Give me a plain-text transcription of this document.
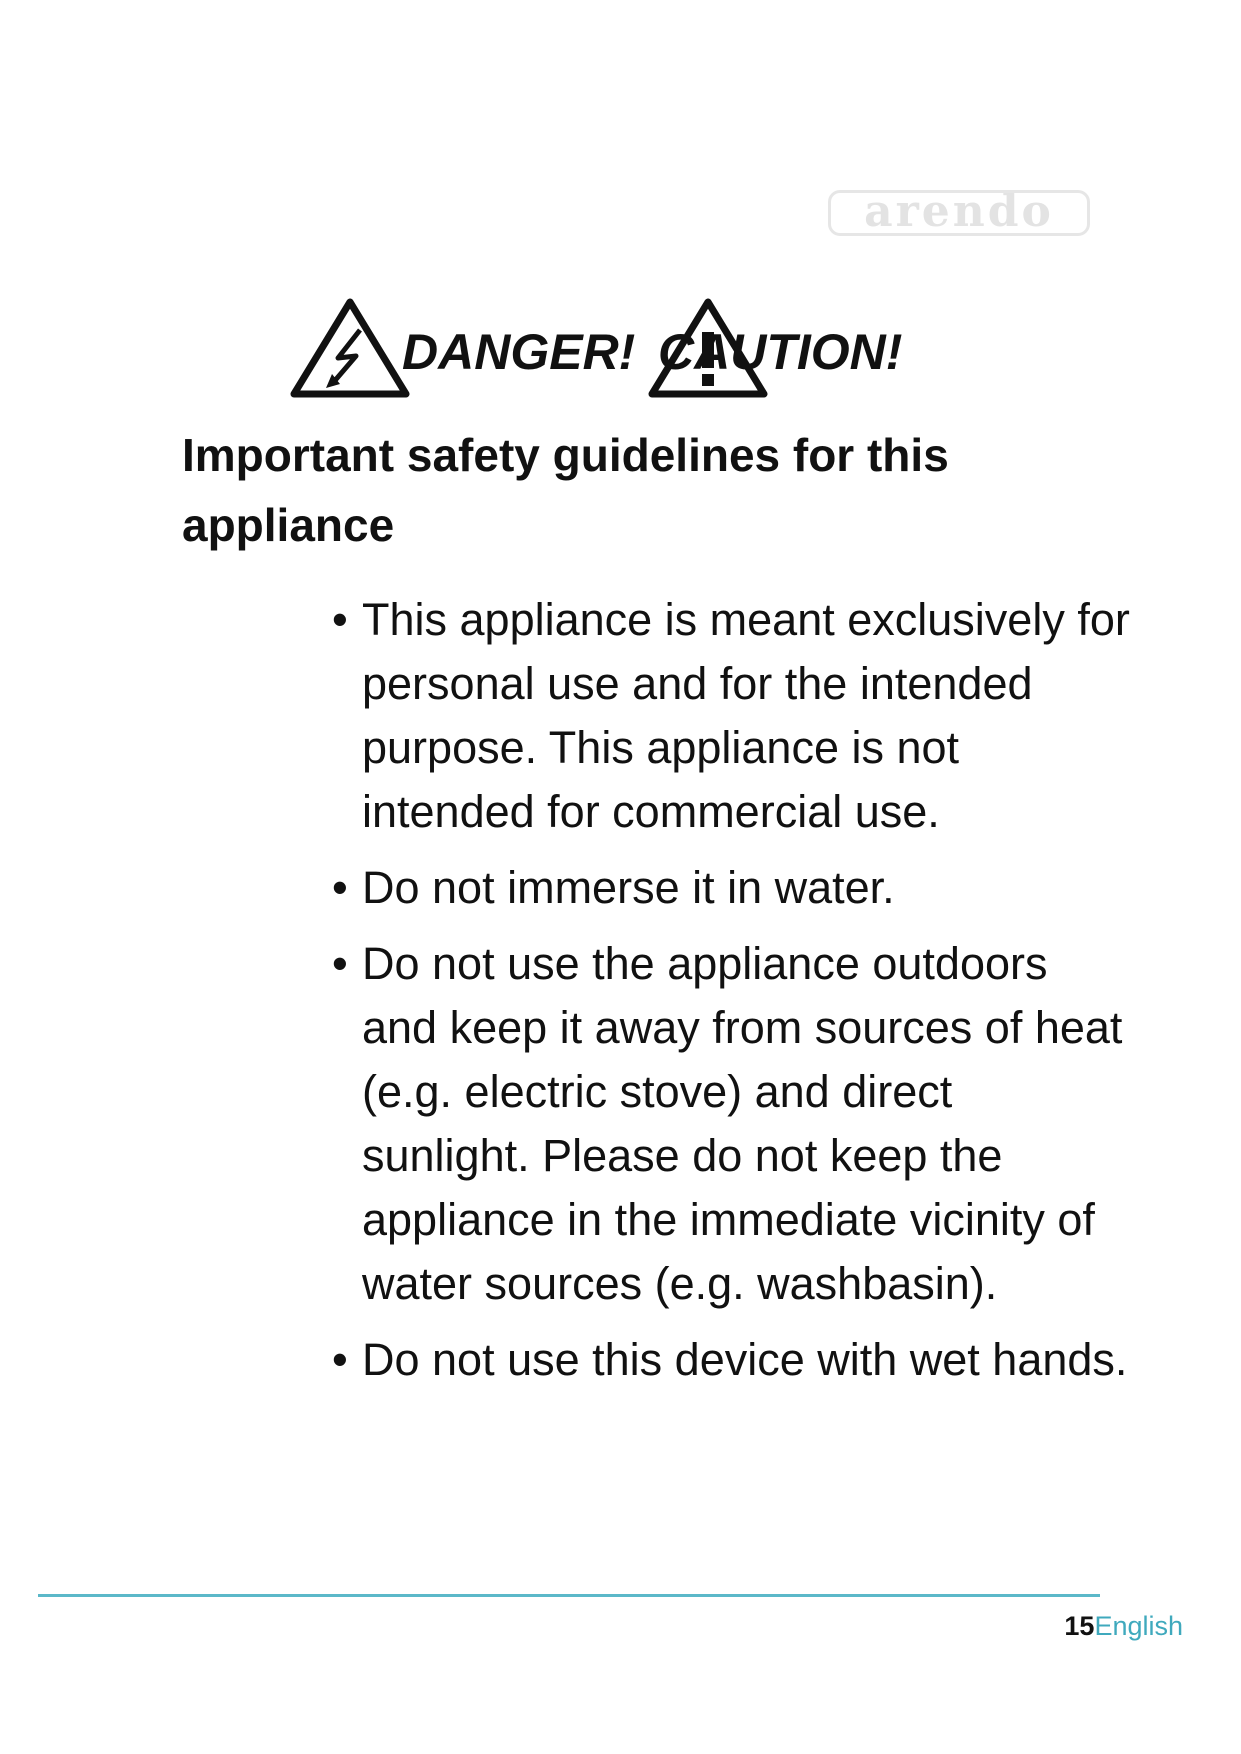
arendo
DANGER! CAUTION!
Important safety guidelines for this appliance
• This appliance is meant exclusively for personal use and for the intended purpose. This appliance is not intended for commercial use.
• Do not immerse it in water.
• Do not use the appliance outdoors and keep it away from sources of heat (e.g. electric stove) and direct sunlight. Please do not keep the appliance in the immediate vicinity of water sources (e.g. washbasin).
• Do not use this device with wet hands.
15English
